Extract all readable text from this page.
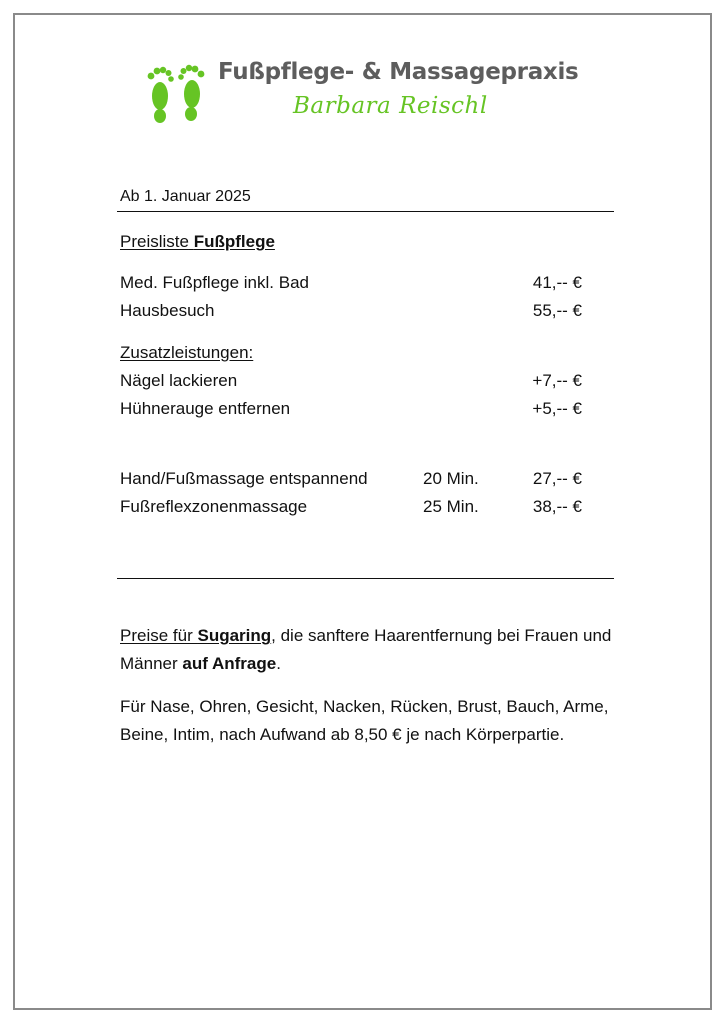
Fußpflege- & Massagepraxis
Barbara Reischl
Ab 1. Januar 2025
Preisliste Fußpflege
Med. Fußpflege inkl. Bad	41,-- €
Hausbesuch	55,-- €
Zusatzleistungen:
Nägel lackieren	+7,-- €
Hühnerauge entfernen	+5,-- €
Hand/Fußmassage entspannend	20 Min.	27,-- €
Fußreflexzonenmassage	25 Min.	38,-- €
Preise für Sugaring, die sanftere Haarentfernung bei Frauen und Männer auf Anfrage.
Für Nase, Ohren, Gesicht, Nacken, Rücken, Brust, Bauch, Arme, Beine, Intim, nach Aufwand ab 8,50 € je nach Körperpartie.
